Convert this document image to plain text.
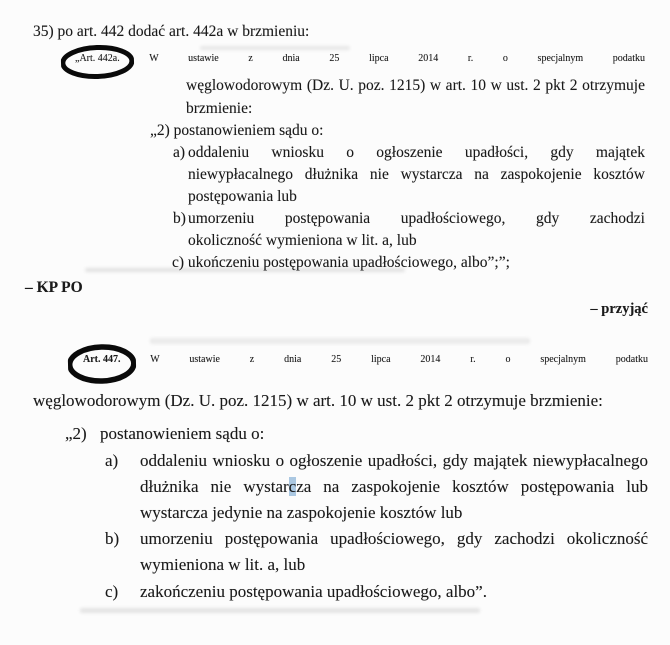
35) po art. 442 dodać art. 442a w brzmieniu:
„Art. 442a.	W ustawie z dnia 25 lipca 2014 r. o specjalnym podatku
węglowodorowym (Dz. U. poz. 1215) w art. 10 w ust. 2 pkt 2 otrzymuje
brzmienie:
„2) postanowieniem sądu o:
a) oddaleniu wniosku o ogłoszenie upadłości, gdy majątek
niewypłacalnego dłużnika nie wystarcza na zaspokojenie kosztów
postępowania lub
b) umorzeniu postępowania upadłościowego, gdy zachodzi
okoliczność wymieniona w lit. a, lub
c) ukończeniu postępowania upadłościowego, albo”;”;
– KP PO
– przyjąć
Art. 447.	W ustawie z dnia 25 lipca 2014 r. o specjalnym podatku
węglowodorowym (Dz. U. poz. 1215) w art. 10 w ust. 2 pkt 2 otrzymuje brzmienie:
„2) postanowieniem sądu o:
a) oddaleniu wniosku o ogłoszenie upadłości, gdy majątek niewypłacalnego
dłużnika nie wystarcza na zaspokojenie kosztów postępowania lub
wystarcza jedynie na zaspokojenie kosztów lub
b) umorzeniu postępowania upadłościowego, gdy zachodzi okoliczność
wymieniona w lit. a, lub
c) zakończeniu postępowania upadłościowego, albo”.
